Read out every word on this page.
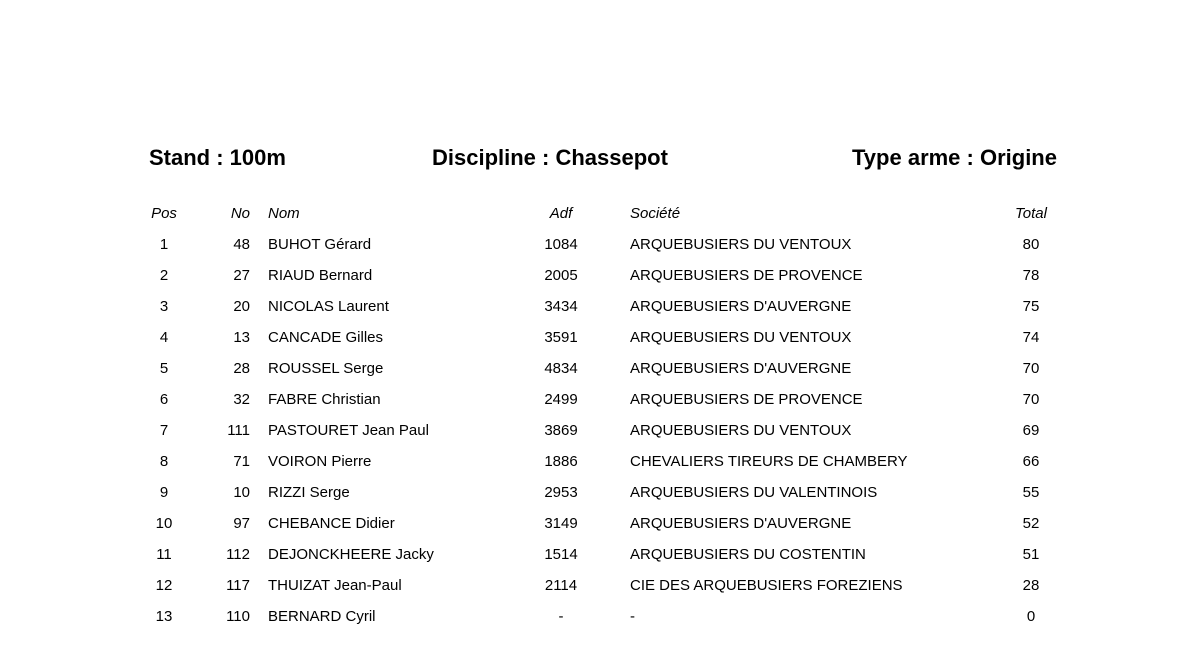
Stand : 100m	Discipline : Chassepot	Type arme : Origine
Pos	No	Nom	Adf	Société	Total
1	48	BUHOT Gérard	1084	ARQUEBUSIERS DU VENTOUX	80
2	27	RIAUD Bernard	2005	ARQUEBUSIERS DE PROVENCE	78
3	20	NICOLAS Laurent	3434	ARQUEBUSIERS D'AUVERGNE	75
4	13	CANCADE Gilles	3591	ARQUEBUSIERS DU VENTOUX	74
5	28	ROUSSEL Serge	4834	ARQUEBUSIERS D'AUVERGNE	70
6	32	FABRE Christian	2499	ARQUEBUSIERS DE PROVENCE	70
7	111	PASTOURET Jean Paul	3869	ARQUEBUSIERS DU VENTOUX	69
8	71	VOIRON Pierre	1886	CHEVALIERS TIREURS DE CHAMBERY	66
9	10	RIZZI Serge	2953	ARQUEBUSIERS DU VALENTINOIS	55
10	97	CHEBANCE Didier	3149	ARQUEBUSIERS D'AUVERGNE	52
11	112	DEJONCKHEERE Jacky	1514	ARQUEBUSIERS DU COSTENTIN	51
12	117	THUIZAT Jean-Paul	2114	CIE DES ARQUEBUSIERS FOREZIENS	28
13	110	BERNARD Cyril	-	-	0
